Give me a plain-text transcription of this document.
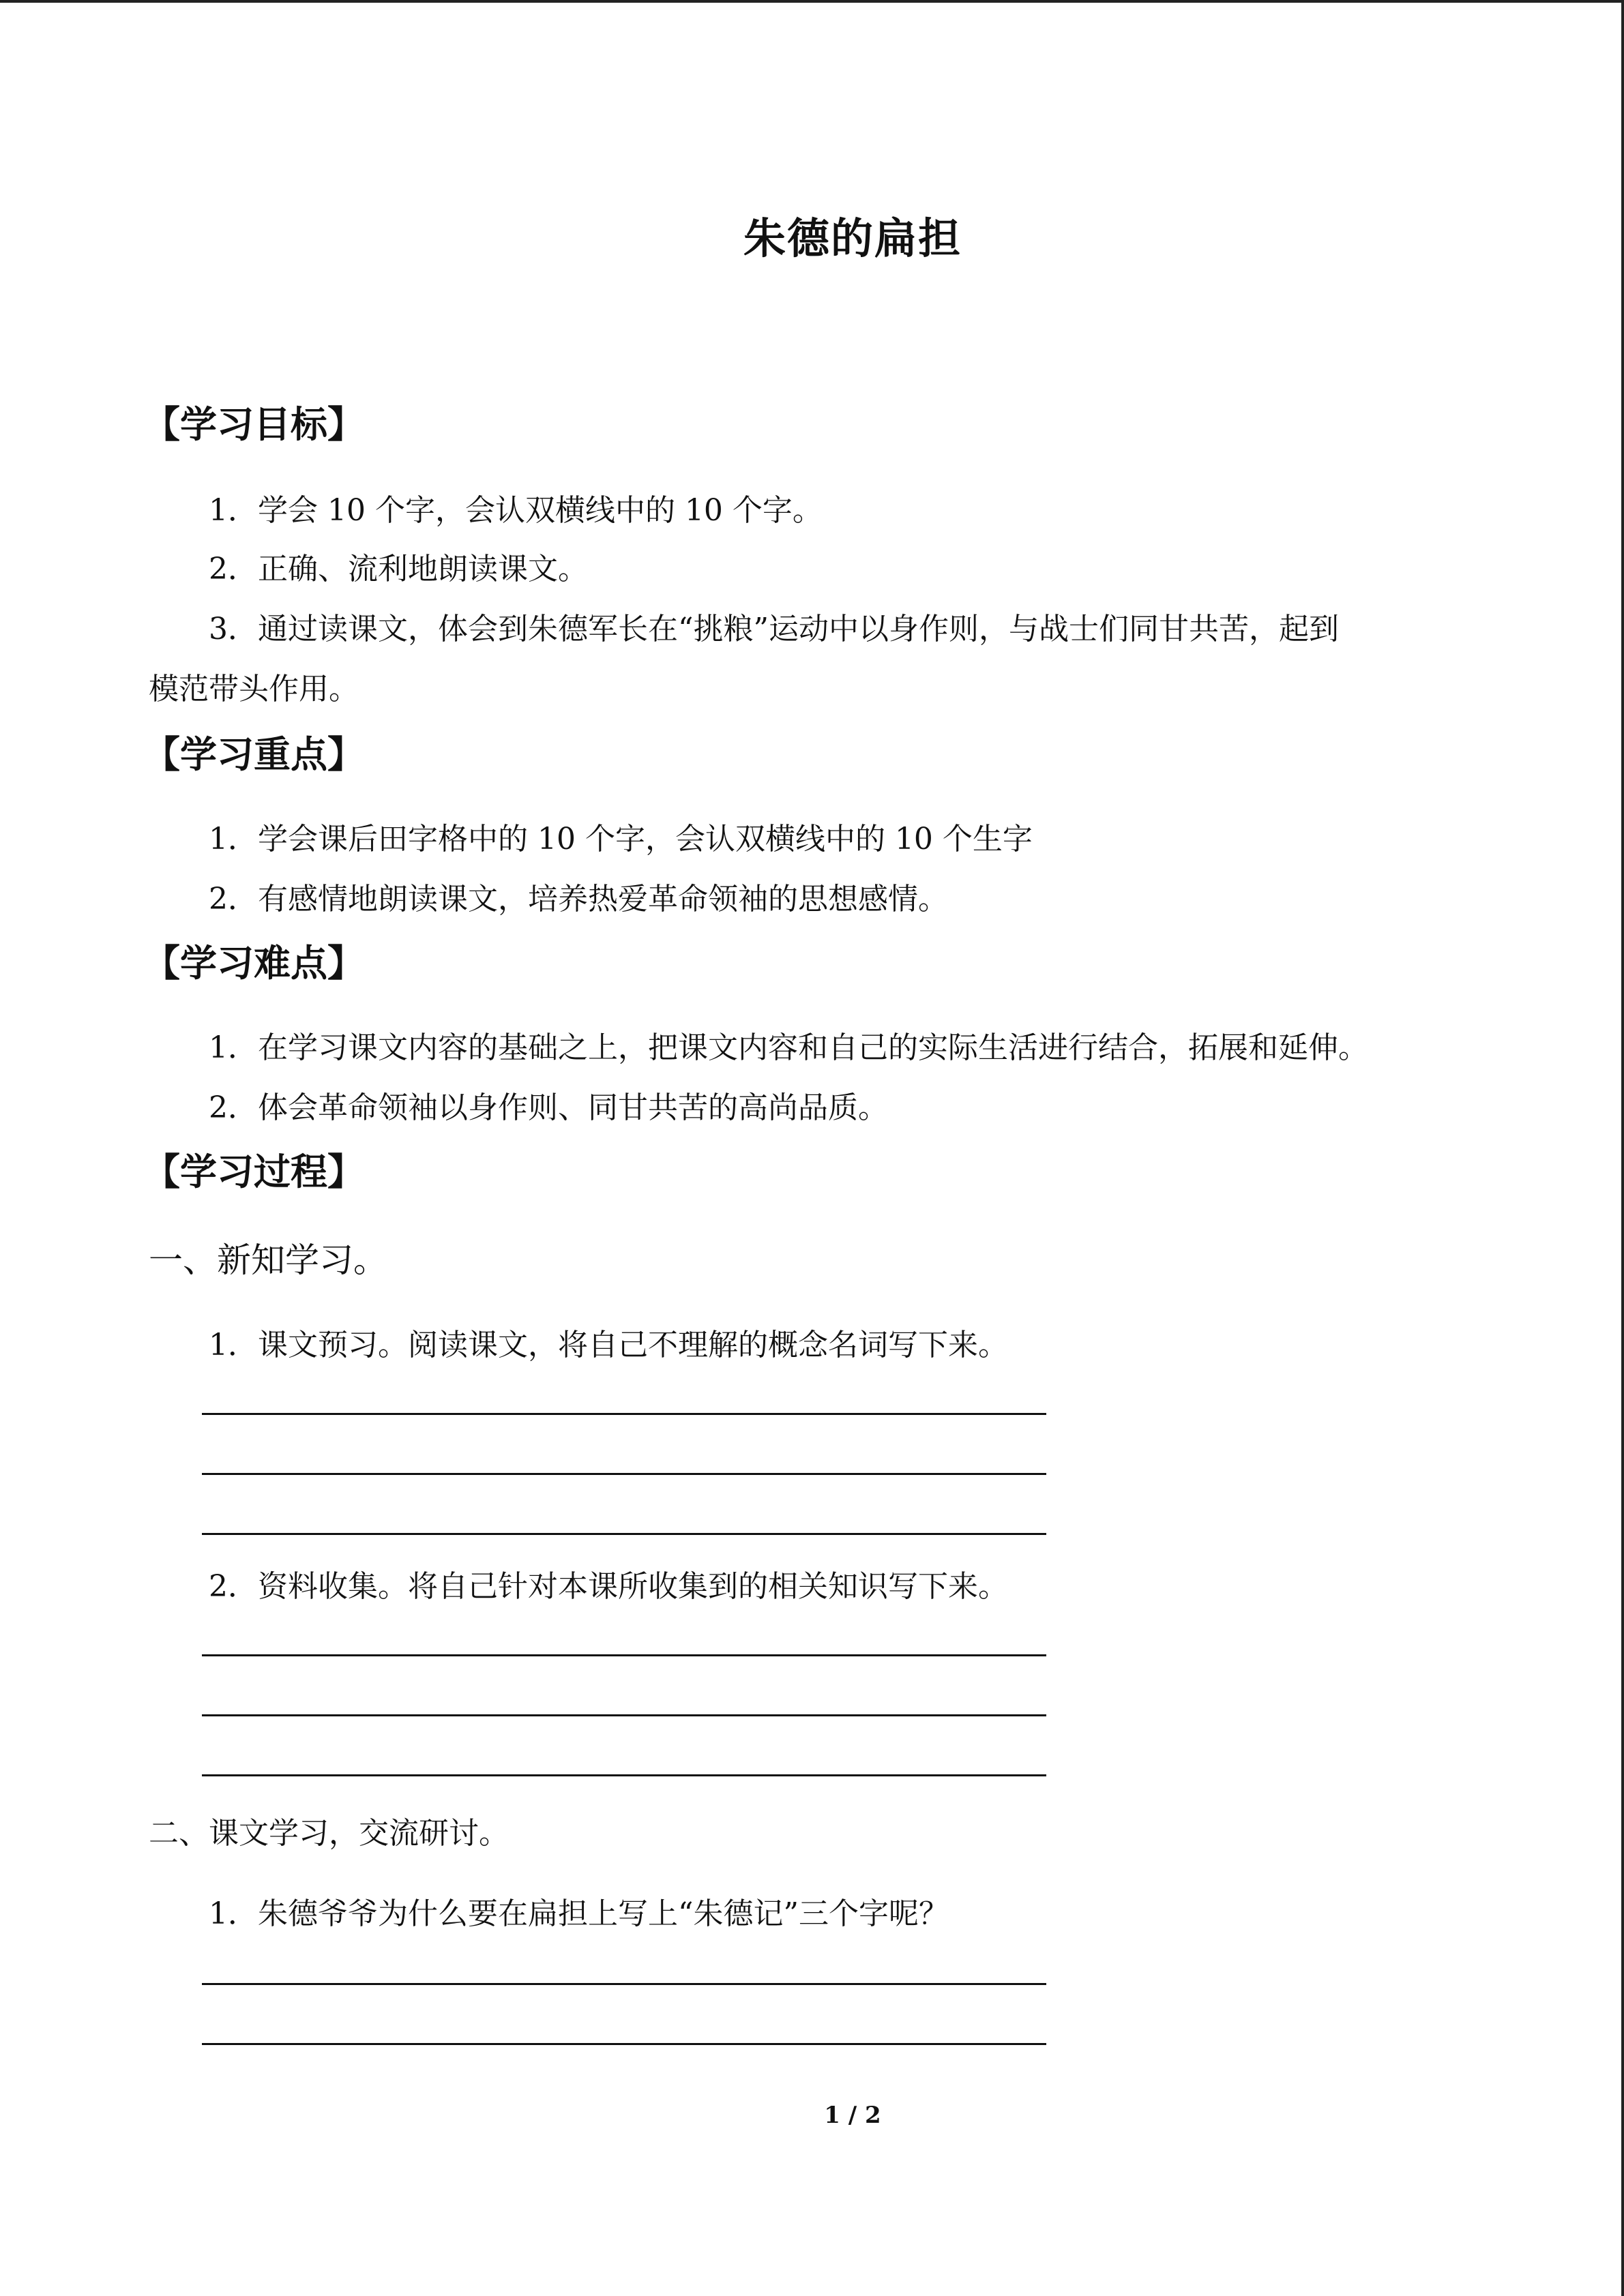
朱德的扁担
【学习目标】
1．学会 10 个字，会认双横线中的 10 个字。
2．正确、流利地朗读课文。
3．通过读课文，体会到朱德军长在“挑粮”运动中以身作则，与战士们同甘共苦，起到
模范带头作用。
【学习重点】
1．学会课后田字格中的 10 个字，会认双横线中的 10 个生字
2．有感情地朗读课文，培养热爱革命领袖的思想感情。
【学习难点】
1．在学习课文内容的基础之上，把课文内容和自己的实际生活进行结合，拓展和延伸。
2．体会革命领袖以身作则、同甘共苦的高尚品质。
【学习过程】
一、新知学习。
1．课文预习。阅读课文，将自己不理解的概念名词写下来。
2．资料收集。将自己针对本课所收集到的相关知识写下来。
二、课文学习，交流研讨。
1．朱德爷爷为什么要在扁担上写上“朱德记”三个字呢？
1 / 2
